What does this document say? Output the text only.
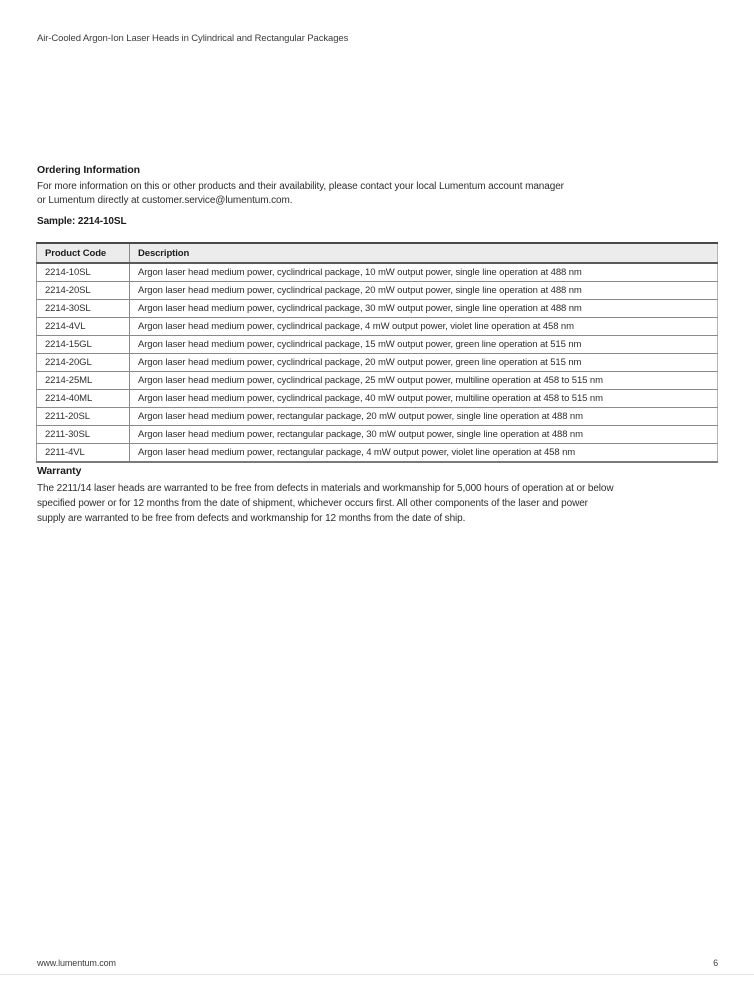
Air-Cooled Argon-Ion Laser Heads in Cylindrical and Rectangular Packages
Ordering Information
For more information on this or other products and their availability, please contact your local Lumentum account manager
or Lumentum directly at customer.service@lumentum.com.
Sample: 2214-10SL
Product Code	Description
2214-10SL	Argon laser head medium power, cyclindrical package, 10 mW output power, single line operation at 488 nm
2214-20SL	Argon laser head medium power, cyclindrical package, 20 mW output power, single line operation at 488 nm
2214-30SL	Argon laser head medium power, cyclindrical package, 30 mW output power, single line operation at 488 nm
2214-4VL	Argon laser head medium power, cyclindrical package, 4 mW output power, violet line operation at 458 nm
2214-15GL	Argon laser head medium power, cyclindrical package, 15 mW output power, green line operation at 515 nm
2214-20GL	Argon laser head medium power, cyclindrical package, 20 mW output power, green line operation at 515 nm
2214-25ML	Argon laser head medium power, cyclindrical package, 25 mW output power, multiline operation at 458 to 515 nm
2214-40ML	Argon laser head medium power, cyclindrical package, 40 mW output power, multiline operation at 458 to 515 nm
2211-20SL	Argon laser head medium power, rectangular package, 20 mW output power, single line operation at 488 nm
2211-30SL	Argon laser head medium power, rectangular package, 30 mW output power, single line operation at 488 nm
2211-4VL	Argon laser head medium power, rectangular package, 4 mW output power, violet line operation at 458 nm
Warranty
The 2211/14 laser heads are warranted to be free from defects in materials and workmanship for 5,000 hours of operation at or below
specified power or for 12 months from the date of shipment, whichever occurs first. All other components of the laser and power
supply are warranted to be free from defects and workmanship for 12 months from the date of ship.
www.lumentum.com	6
